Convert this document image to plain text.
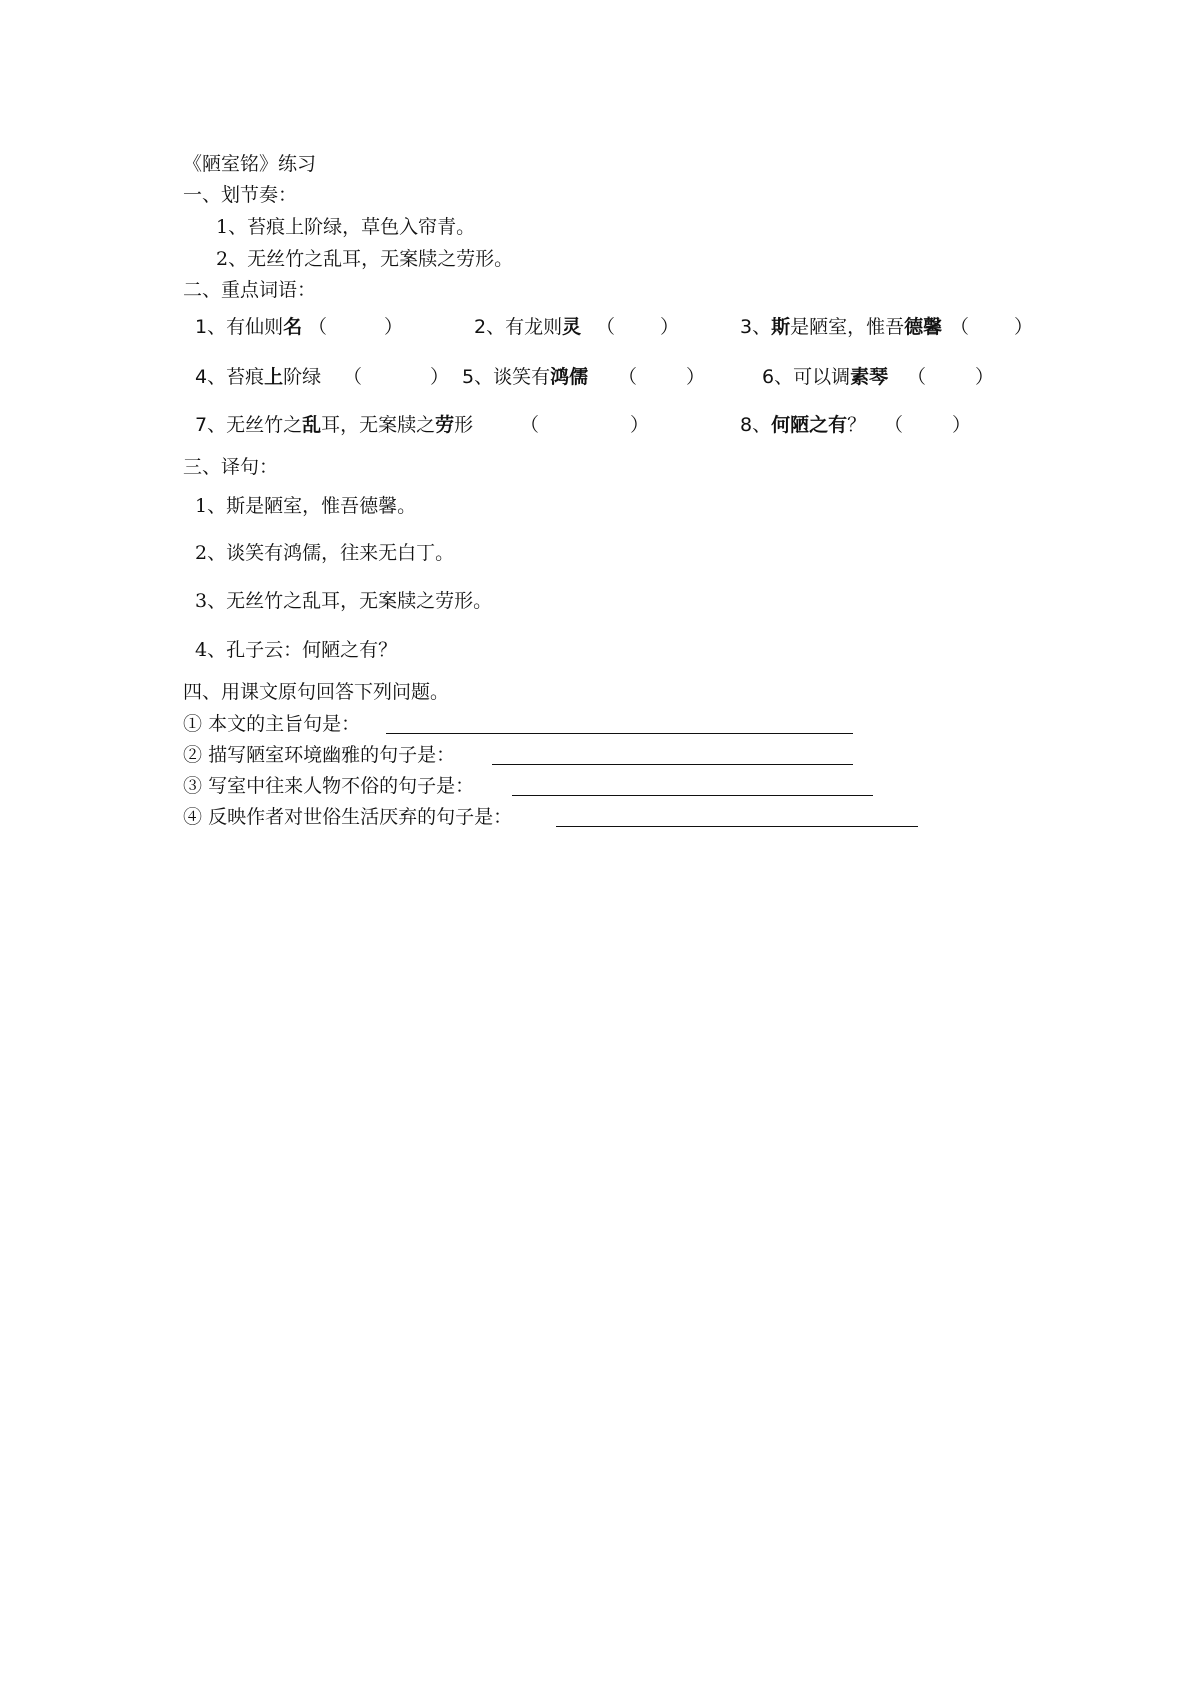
《陋室铭》练习
一、划节奏：
1、苔痕上阶绿，草色入帘青。
2、无丝竹之乱耳，无案牍之劳形。
二、重点词语：
1、有仙则名 （	）	2、有龙则灵 （ ）	3、斯是陋室，惟吾德馨 （ ）
4、苔痕上阶绿 （	） 5、谈笑有鸿儒 （	）	6、可以调素琴 （	）
7、无丝竹之乱耳，无案牍之劳形 （	）	8、何陋之有？ （	）
三、译句：
1、斯是陋室，惟吾德馨。
2、谈笑有鸿儒，往来无白丁。
3、无丝竹之乱耳，无案牍之劳形。
4、孔子云：何陋之有？
四、用课文原句回答下列问题。
① 本文的主旨句是：
② 描写陋室环境幽雅的句子是：
③ 写室中往来人物不俗的句子是：
④ 反映作者对世俗生活厌弃的句子是：
